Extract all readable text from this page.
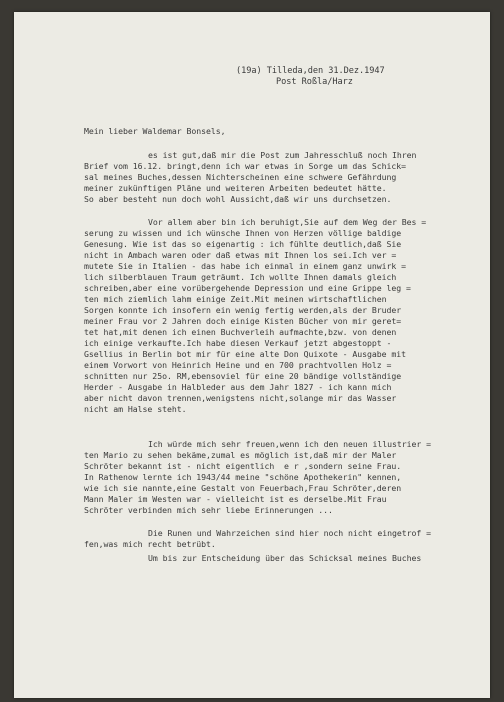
(19a) Tilleda,den 31.Dez.1947
Post Roßla/Harz
Mein lieber Waldemar Bonsels,
es ist gut,daß mir die Post zum Jahresschluß noch Ihren
Brief vom 16.12. bringt,denn ich war etwas in Sorge um das Schick=
sal meines Buches,dessen Nichterscheinen eine schwere Gefährdung
meiner zukünftigen Pläne und weiteren Arbeiten bedeutet hätte.
So aber besteht nun doch wohl Aussicht,daß wir uns durchsetzen.
Vor allem aber bin ich beruhigt,Sie auf dem Weg der Bes =
serung zu wissen und ich wünsche Ihnen von Herzen völlige baldige
Genesung. Wie ist das so eigenartig : ich fühlte deutlich,daß Sie
nicht in Ambach waren oder daß etwas mit Ihnen los sei.Ich ver =
mutete Sie in Italien - das habe ich einmal in einem ganz unwirk =
lich silberblauen Traum geträumt. Ich wollte Ihnen damals gleich
schreiben,aber eine vorübergehende Depression und eine Grippe leg =
ten mich ziemlich lahm einige Zeit.Mit meinen wirtschaftlichen
Sorgen konnte ich insofern ein wenig fertig werden,als der Bruder
meiner Frau vor 2 Jahren doch einige Kisten Bücher von mir geret=
tet hat,mit denen ich einen Buchverleih aufmachte,bzw. von denen
ich einige verkaufte.Ich habe diesen Verkauf jetzt abgestoppt -
Gsellius in Berlin bot mir für eine alte Don Quixote - Ausgabe mit
einem Vorwort von Heinrich Heine und en 700 prachtvollen Holz =
schnitten nur 25o. RM,ebensoviel für eine 20 bändige vollständige
Herder - Ausgabe in Halbleder aus dem Jahr 1827 - ich kann mich
aber nicht davon trennen,wenigstens nicht,solange mir das Wasser
nicht am Halse steht.
Ich würde mich sehr freuen,wenn ich den neuen illustrier =
ten Mario zu sehen bekäme,zumal es möglich ist,daß mir der Maler
Schröter bekannt ist - nicht eigentlich  e r ,sondern seine Frau.
In Rathenow lernte ich 1943/44 meine "schöne Apothekerin" kennen,
wie ich sie nannte,eine Gestalt von Feuerbach,Frau Schröter,deren
Mann Maler im Westen war - vielleicht ist es derselbe.Mit Frau
Schröter verbinden mich sehr liebe Erinnerungen ...
Die Runen und Wahrzeichen sind hier noch nicht eingetrof =
fen,was mich recht betrübt.
Um bis zur Entscheidung über das Schicksal meines Buches
